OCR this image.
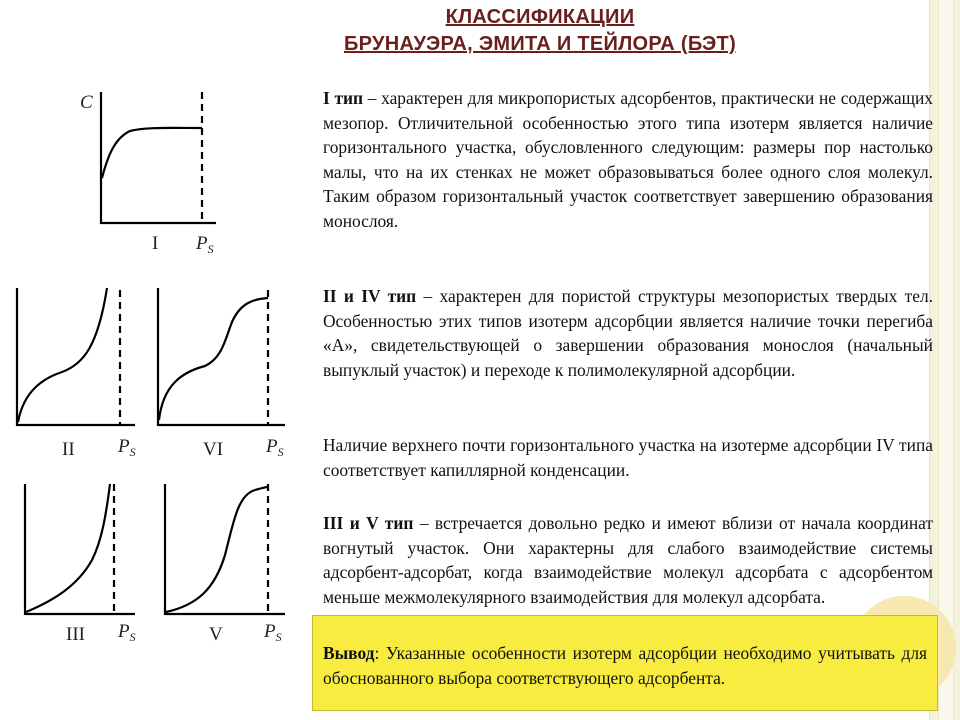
КЛАССИФИКАЦИИ
БРУНАУЭРА, ЭМИТА И ТЕЙЛОРА (БЭТ)
C
I $P_S$
II $P_S$	VI $P_S$
III $P_S$	V $P_S$
I тип – характерен для микропористых адсорбентов, практически не содержащих мезопор. Отличительной особенностью этого типа изотерм является наличие горизонтального участка, обусловленного следующим: размеры пор настолько малы, что на их стенках не может образовываться более одного слоя молекул. Таким образом горизонтальный участок соответствует завершению образования монослоя.
II и IV тип – характерен для пористой структуры мезопористых твердых тел. Особенностью этих типов изотерм адсорбции является наличие точки перегиба «А», свидетельствующей о завершении образования монослоя (начальный выпуклый участок) и переходе к полимолекулярной адсорбции.
Наличие верхнего почти горизонтального участка на изотерме адсорбции IV типа соответствует капиллярной конденсации.
III и V тип – встречается довольно редко и имеют вблизи от начала координат вогнутый участок. Они характерны для слабого взаимодействие системы адсорбент-адсорбат, когда взаимодействие молекул адсорбата с адсорбентом меньше межмолекулярного взаимодействия для молекул адсорбата.
Вывод: Указанные особенности изотерм адсорбции необходимо учитывать для обоснованного выбора соответствующего адсорбента.
